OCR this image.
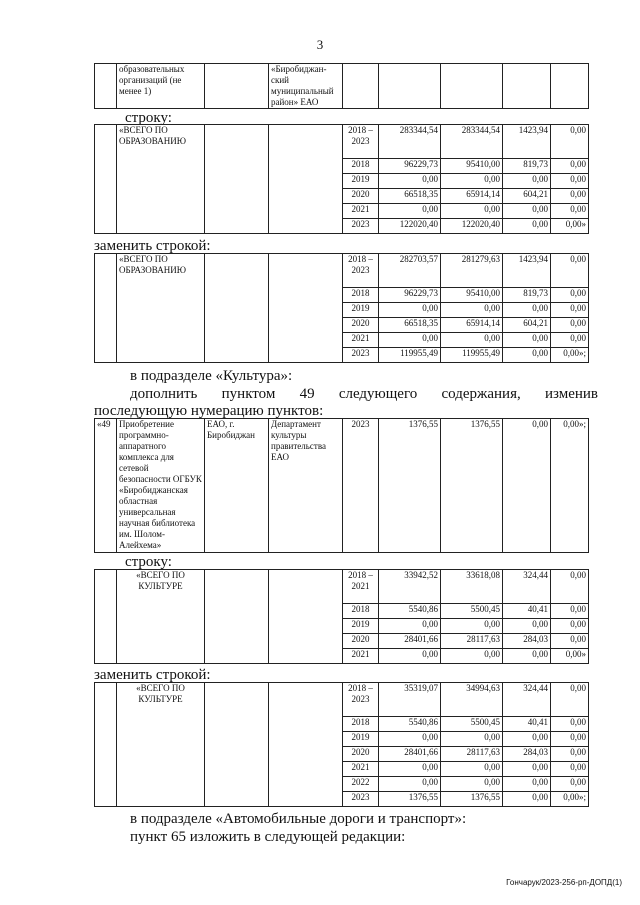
3
	образовательных организаций (не менее 1)		«Биробиджан-ский муниципальный район» ЕАО					
строку:
	«ВСЕГО ПО ОБРАЗОВАНИЮ			2018 – 2023	283344,54	283344,54	1423,94	0,00
				2018	96229,73	95410,00	819,73	0,00
				2019	0,00	0,00	0,00	0,00
				2020	66518,35	65914,14	604,21	0,00
				2021	0,00	0,00	0,00	0,00
				2023	122020,40	122020,40	0,00	0,00»
заменить строкой:
	«ВСЕГО ПО ОБРАЗОВАНИЮ			2018 – 2023	282703,57	281279,63	1423,94	0,00
				2018	96229,73	95410,00	819,73	0,00
				2019	0,00	0,00	0,00	0,00
				2020	66518,35	65914,14	604,21	0,00
				2021	0,00	0,00	0,00	0,00
				2023	119955,49	119955,49	0,00	0,00»;
в подразделе «Культура»:
дополнить пунктом 49 следующего содержания, изменив
последующую нумерацию пунктов:
«49	Приобретение программно-аппаратного комплекса для сетевой безопасности ОГБУК «Биробиджанская областная универсальная научная библиотека им. Шолом-Алейхема»	ЕАО, г. Биробиджан	Департамент культуры правительства ЕАО	2023	1376,55	1376,55	0,00	0,00»;
строку:
	«ВСЕГО ПО КУЛЬТУРЕ			2018 – 2021	33942,52	33618,08	324,44	0,00
				2018	5540,86	5500,45	40,41	0,00
				2019	0,00	0,00	0,00	0,00
				2020	28401,66	28117,63	284,03	0,00
				2021	0,00	0,00	0,00	0,00»
заменить строкой:
	«ВСЕГО ПО КУЛЬТУРЕ			2018 – 2023	35319,07	34994,63	324,44	0,00
				2018	5540,86	5500,45	40,41	0,00
				2019	0,00	0,00	0,00	0,00
				2020	28401,66	28117,63	284,03	0,00
				2021	0,00	0,00	0,00	0,00
				2022	0,00	0,00	0,00	0,00
				2023	1376,55	1376,55	0,00	0,00»;
в подразделе «Автомобильные дороги и транспорт»:
пункт 65 изложить в следующей редакции:
Гончарук/2023-256-рп-ДОПД(1)
